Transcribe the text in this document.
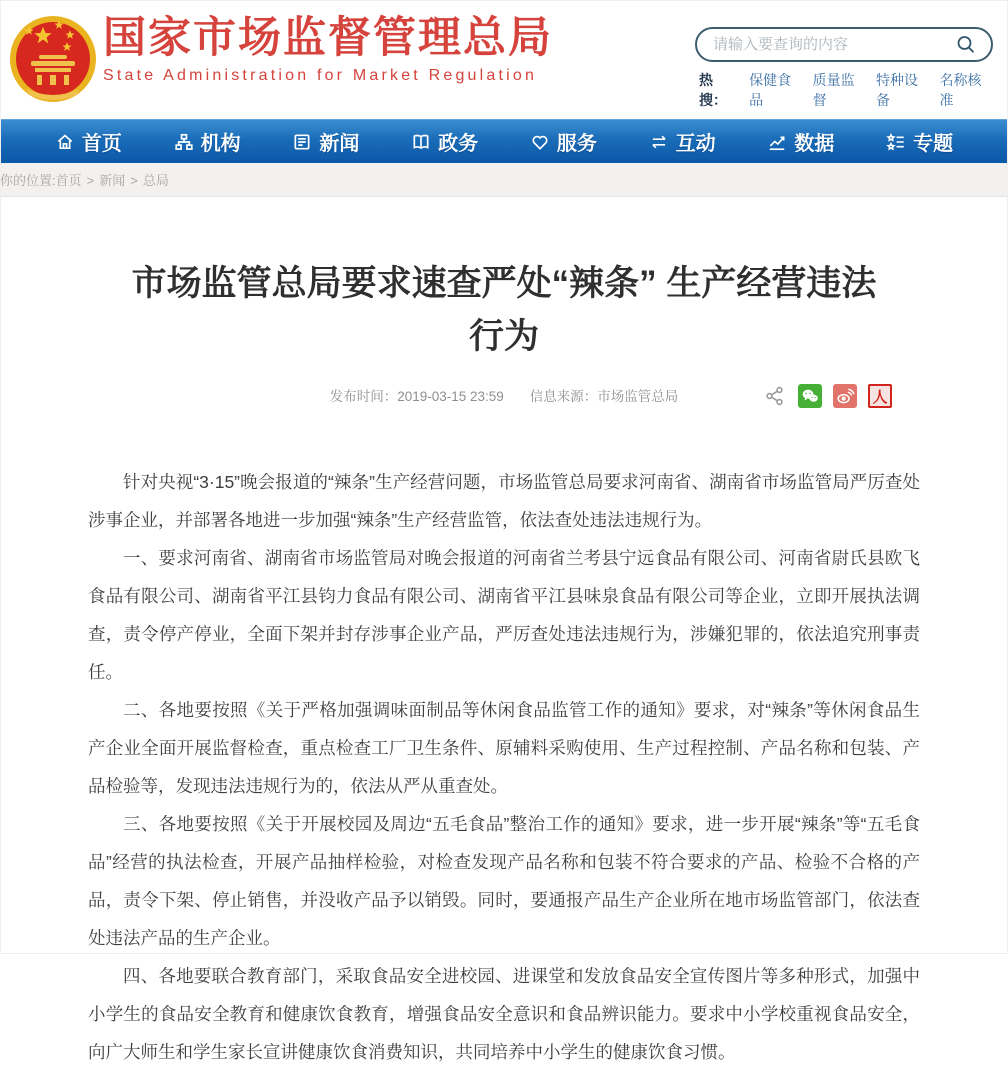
国家市场监督管理总局
State Administration for Market Regulation
请输入要查询的内容	热搜：
保健食品
质量监督
特种设备
名称核准
首页	机构	新闻	政务	服务	互动	数据	专题
你的位置:首页 > 新闻 > 总局
市场监管总局要求速查严处“辣条” 生产经营违法行为
发布时间：2019-03-15 23:59 信息来源：市场监管总局	人

针对央视“3·15”晚会报道的“辣条”生产经营问题，市场监管总局要求河南省、湖南省市场监管局严厉查处涉事企业，并部署各地进一步加强“辣条”生产经营监管，依法查处违法违规行为。

一、要求河南省、湖南省市场监管局对晚会报道的河南省兰考县宁远食品有限公司、河南省尉氏县欧飞食品有限公司、湖南省平江县钧力食品有限公司、湖南省平江县味泉食品有限公司等企业，立即开展执法调查，责令停产停业，全面下架并封存涉事企业产品，严厉查处违法违规行为，涉嫌犯罪的，依法追究刑事责任。

二、各地要按照《关于严格加强调味面制品等休闲食品监管工作的通知》要求，对“辣条”等休闲食品生产企业全面开展监督检查，重点检查工厂卫生条件、原辅料采购使用、生产过程控制、产品名称和包装、产品检验等，发现违法违规行为的，依法从严从重查处。

三、各地要按照《关于开展校园及周边“五毛食品”整治工作的通知》要求，进一步开展“辣条”等“五毛食品”经营的执法检查，开展产品抽样检验，对检查发现产品名称和包装不符合要求的产品、检验不合格的产品，责令下架、停止销售，并没收产品予以销毁。同时，要通报产品生产企业所在地市场监管部门，依法查处违法产品的生产企业。

四、各地要联合教育部门，采取食品安全进校园、进课堂和发放食品安全宣传图片等多种形式，加强中小学生的食品安全教育和健康饮食教育，增强食品安全意识和食品辨识能力。要求中小学校重视食品安全，向广大师生和学生家长宣讲健康饮食消费知识，共同培养中小学生的健康饮食习惯。
